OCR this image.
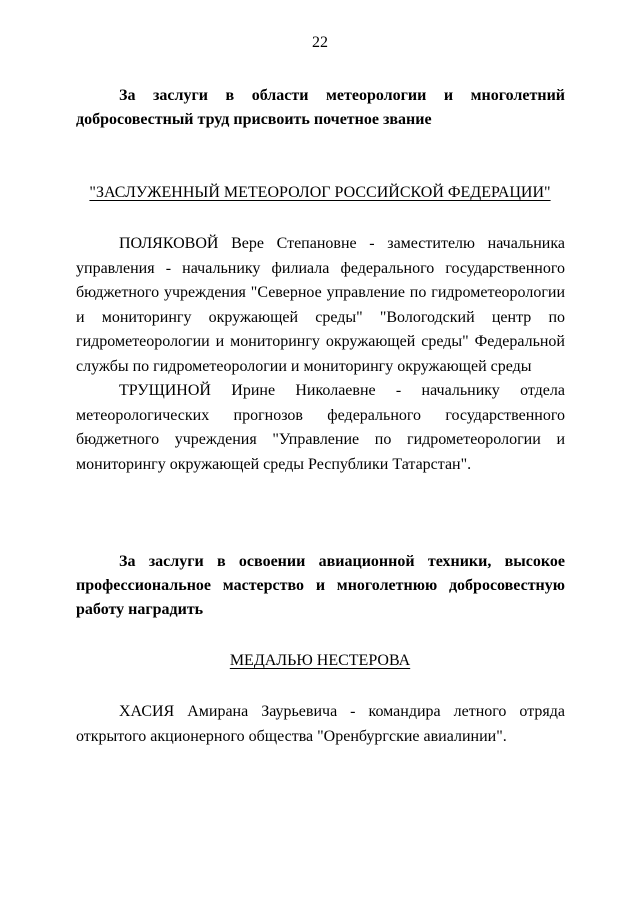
22
За заслуги в области метеорологии и многолетний добросовестный труд присвоить почетное звание
"ЗАСЛУЖЕННЫЙ МЕТЕОРОЛОГ РОССИЙСКОЙ ФЕДЕРАЦИИ"
ПОЛЯКОВОЙ Вере Степановне - заместителю начальника управления - начальнику филиала федерального государственного бюджетного учреждения "Северное управление по гидрометеорологии и мониторингу окружающей среды" "Вологодский центр по гидрометеорологии и мониторингу окружающей среды" Федеральной службы по гидрометеорологии и мониторингу окружающей среды
ТРУЩИНОЙ Ирине Николаевне - начальнику отдела метеорологических прогнозов федерального государственного бюджетного учреждения "Управление по гидрометеорологии и мониторингу окружающей среды Республики Татарстан".
За заслуги в освоении авиационной техники, высокое профессиональное мастерство и многолетнюю добросовестную работу наградить
МЕДАЛЬЮ НЕСТЕРОВА
ХАСИЯ Амирана Заурьевича - командира летного отряда открытого акционерного общества "Оренбургские авиалинии".
